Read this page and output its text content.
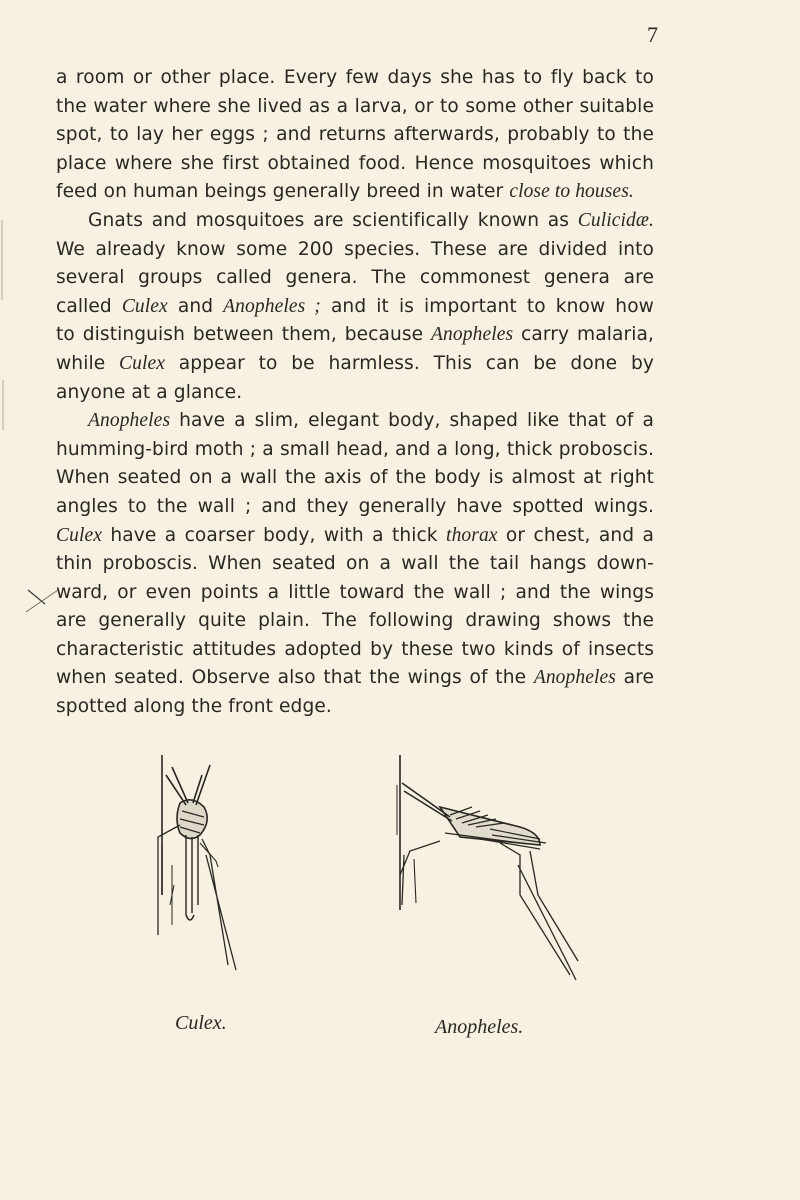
7

a room or other place. Every few days she has to fly back to
the water where she lived as a larva, or to some other suitable
spot, to lay her eggs ; and returns afterwards, probably to the
place where she first obtained food. Hence mosquitoes which
feed on human beings generally breed in water close to houses.

Gnats and mosquitoes are scientifically known as Culicidæ.
We already know some 200 species. These are divided into
several groups called genera. The commonest genera are
called Culex and Anopheles ; and it is important to know how
to distinguish between them, because Anopheles carry malaria,
while Culex appear to be harmless. This can be done by
anyone at a glance.

Anopheles have a slim, elegant body, shaped like that of a
humming-bird moth ; a small head, and a long, thick proboscis.
When seated on a wall the axis of the body is almost at right
angles to the wall ; and they generally have spotted wings.
Culex have a coarser body, with a thick thorax or chest, and a
thin proboscis. When seated on a wall the tail hangs down-
ward, or even points a little toward the wall ; and the wings
are generally quite plain. The following drawing shows the
characteristic attitudes adopted by these two kinds of insects
when seated. Observe also that the wings of the Anopheles are
spotted along the front edge.

Culex.	Anopheles.
